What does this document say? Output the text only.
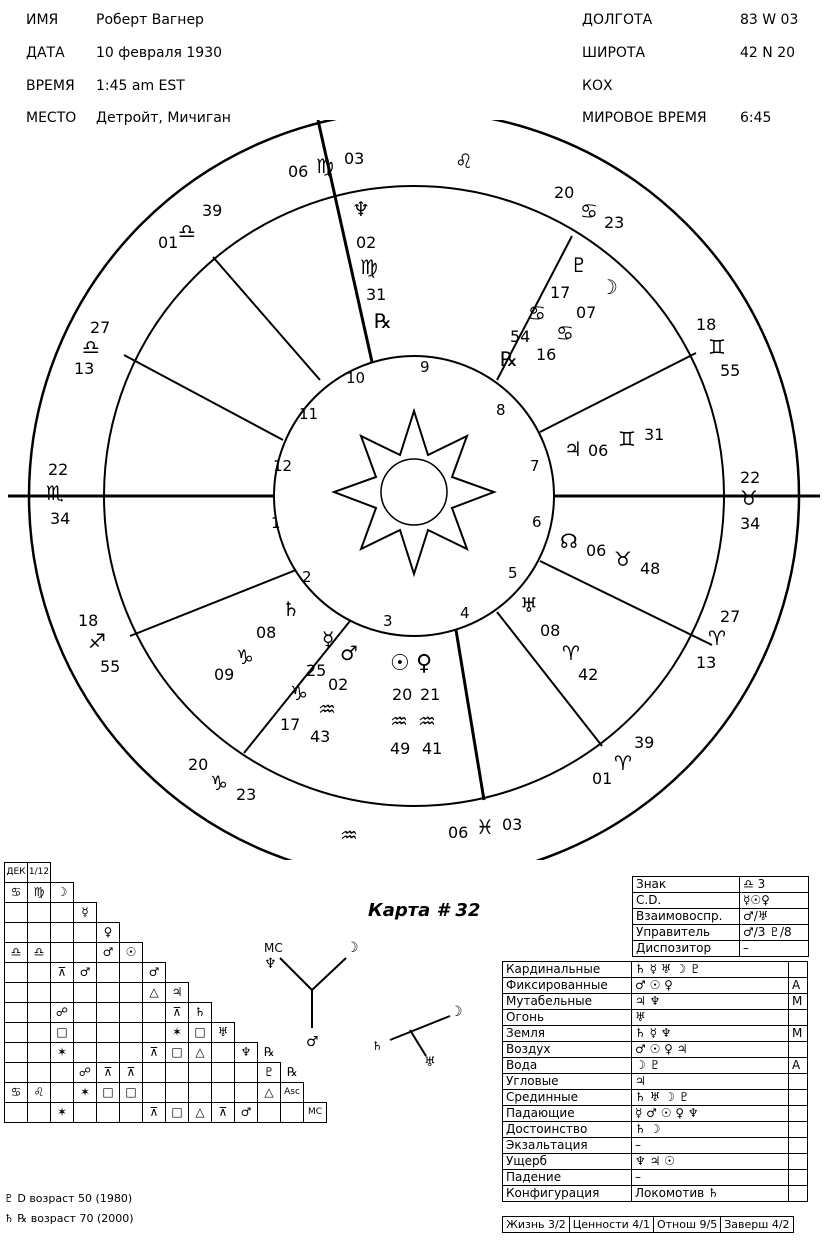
ИМЯ	Роберт Вагнер
ДАТА 10 февраля 1930
ВРЕМЯ 1:45 am EST
МЕСТО Детройт, Мичиган
ДОЛГОТА	83 W 03
ШИРОТА	42 N 20
КОХ
МИРОВОЕ ВРЕМЯ 6:45
1
2
3	4
5
6
7
8
9
10
11
12
06 ♍ 03	♌
01 ♎
39
27
♎
13
22
♏
34
18
♐
55
20
♑ 23
♒	06 ♓ 03
01
♈
39
27
♈
13
22
♉
34
18
♊
55
20
♋ 23
♆
02
♍
31
℞
♇
17
♋
54
℞
☽
07
♋
16
♃ 06 ♊ 31
☊ 06 ♉ 48
♅
08
♈
42
♄
08
♑
09
☿
♂
25
02
♑
♒
17
43
☉ ♀
20 21
♒ ♒
49 41
Карта # 32
ДЕК	1/12													
♋	♍	☽												
			☿											
				♀										
♎	♎			♂	☉									
		⊼	♂			♂								
						△	♃							
		☍					⊼	♄						
		□					✶	□	♅					
		✶				⊼	□	△		♆	℞			
			☍	⊼	⊼						♇	℞		
♋	♌		✶	□	□						△	Asc		
		✶				⊼	□	△	⊼	♂			MC	
♇ D возраст 50 (1980)
♄ ℞ возраст 70 (2000)
MC
♆
☽
♂	♄
☽
♅
Знак	♎ 3
C.D.	☿☉♀
Взаимовоспр.	♂/♅
Управитель	♂/3 ♇/8
Диспозитор	–
Кардинальные	♄ ☿ ♅ ☽ ♇	
Фиксированные	♂ ☉ ♀	A
Мутабельные	♃ ♆	M
Огонь	♅	
Земля	♄ ☿ ♆	M
Воздух	♂ ☉ ♀ ♃	
Вода	☽ ♇	A
Угловые	♃	
Срединные	♄ ♅ ☽ ♇	
Падающие	☿ ♂ ☉ ♀ ♆	
Достоинство	♄ ☽	
Экзальтация	–	
Ущерб	♆ ♃ ☉	
Падение	–	
Конфигурация	Локомотив ♄	
Жизнь 3/2	Ценности 4/1	Отнош 9/5	Заверш 4/2
